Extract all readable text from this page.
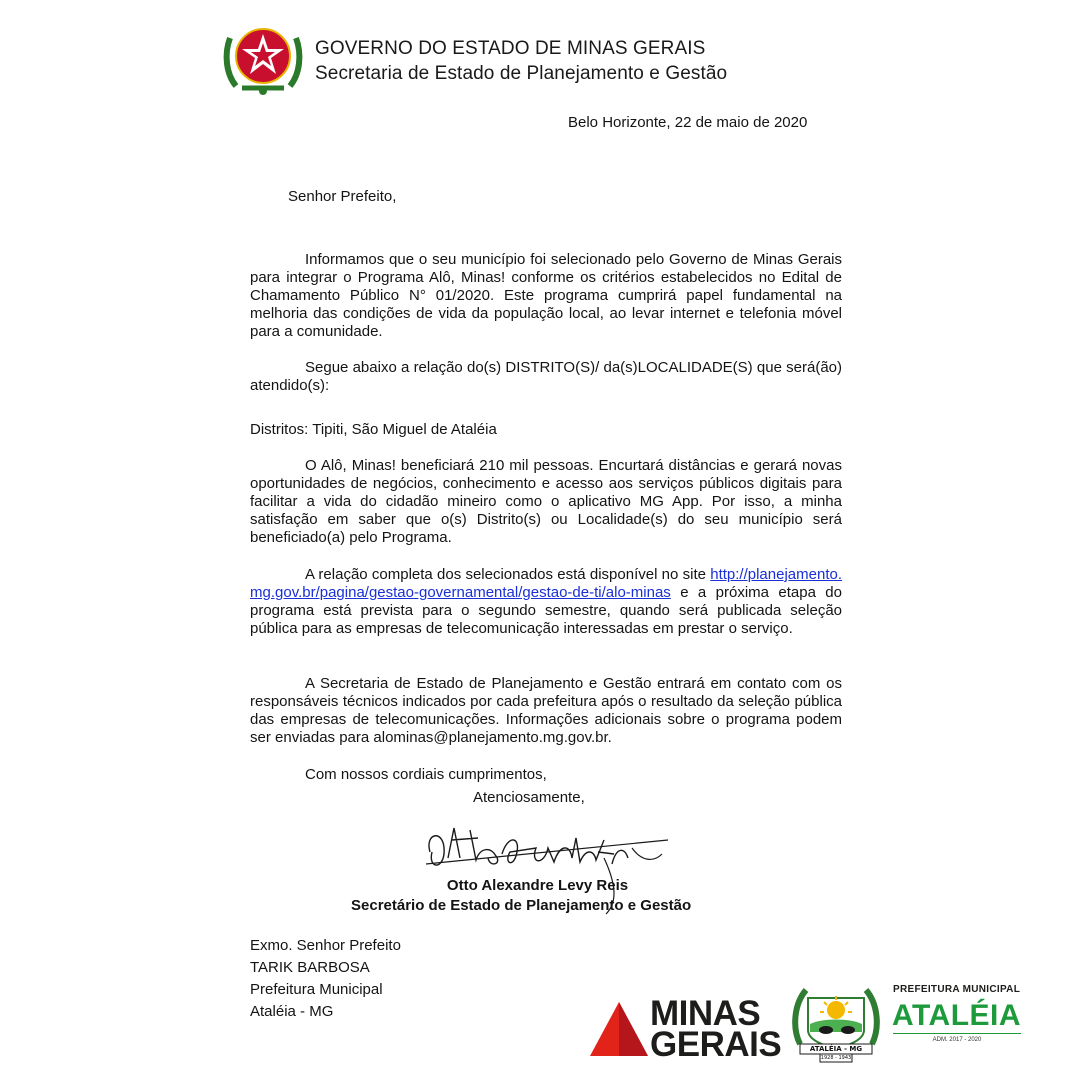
GOVERNO DO ESTADO DE MINAS GERAIS
Secretaria de Estado de Planejamento e Gestão
Belo Horizonte, 22 de maio de 2020
Senhor Prefeito,

Informamos que o seu município foi selecionado pelo Governo de Minas Gerais para integrar o Programa Alô, Minas! conforme os critérios estabelecidos no Edital de Chamamento Público N° 01/2020. Este programa cumprirá papel fundamental na melhoria das condições de vida da população local, ao levar internet e telefonia móvel para a comunidade.

Segue abaixo a relação do(s) DISTRITO(S)/ da(s)LOCALIDADE(S) que será(ão) atendido(s):

Distritos: Tipiti, São Miguel de Ataléia

O Alô, Minas! beneficiará 210 mil pessoas. Encurtará distâncias e gerará novas oportunidades de negócios, conhecimento e acesso aos serviços públicos digitais para facilitar a vida do cidadão mineiro como o aplicativo MG App. Por isso, a minha satisfação em saber que o(s) Distrito(s) ou Localidade(s) do seu município será beneficiado(a) pelo Programa.

A relação completa dos selecionados está disponível no site http://planejamento.mg.gov.br/pagina/gestao-governamental/gestao-de-ti/alo-minas e a próxima etapa do programa está prevista para o segundo semestre, quando será publicada seleção pública para as empresas de telecomunicação interessadas em prestar o serviço.

A Secretaria de Estado de Planejamento e Gestão entrará em contato com os responsáveis técnicos indicados por cada prefeitura após o resultado da seleção pública das empresas de telecomunicações. Informações adicionais sobre o programa podem ser enviadas para alominas@planejamento.mg.gov.br.

Com nossos cordiais cumprimentos,
Atenciosamente,
Otto Alexandre Levy Reis
Secretário de Estado de Planejamento e Gestão
Exmo. Senhor Prefeito
TARIK BARBOSA
Prefeitura Municipal
Ataléia - MG	MINAS
GERAIS	ATALÉIA - MG
1928 - 1943
PREFEITURA MUNICIPAL
ATALÉIA
ADM. 2017 - 2020
